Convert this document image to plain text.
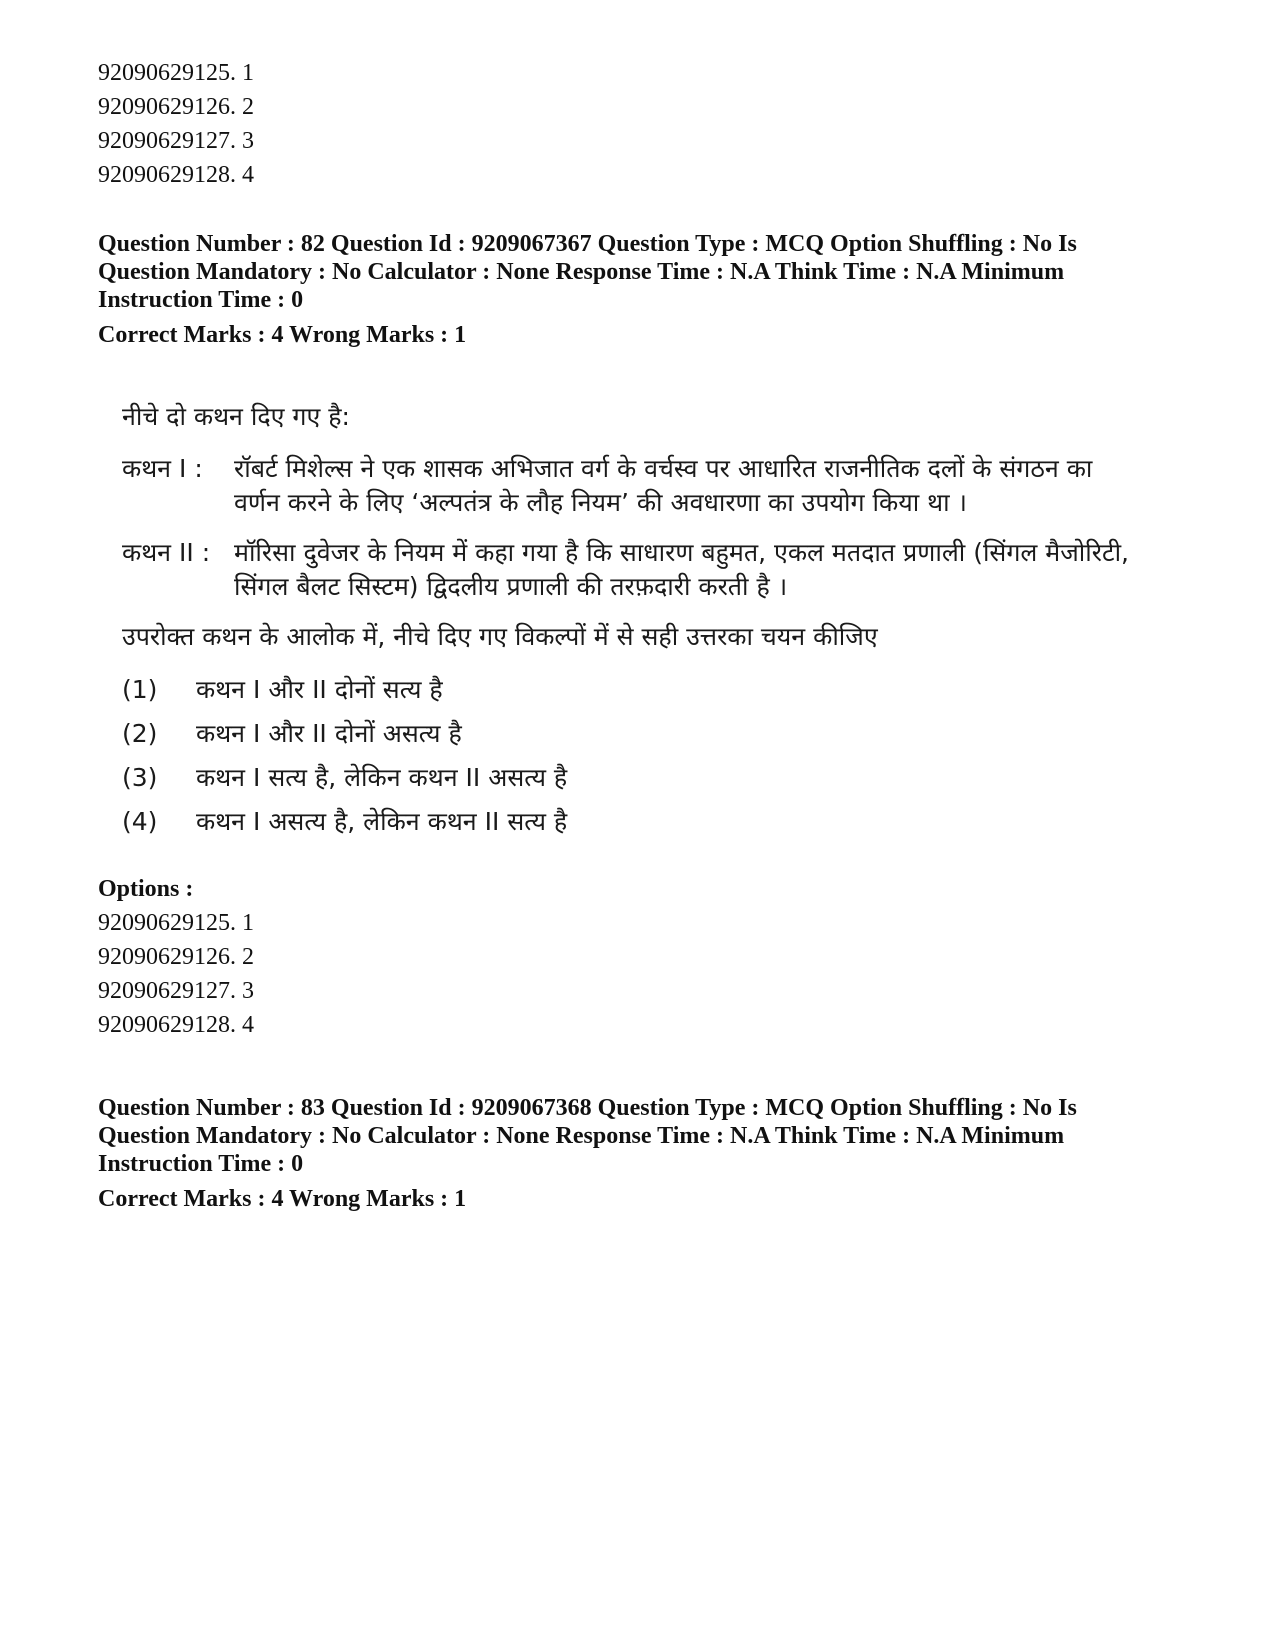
92090629125. 1
92090629126. 2
92090629127. 3
92090629128. 4
Question Number : 82 Question Id : 9209067367 Question Type : MCQ Option Shuffling : No Is Question Mandatory : No Calculator : None Response Time : N.A Think Time : N.A Minimum Instruction Time : 0
Correct Marks : 4 Wrong Marks : 1
नीचे दो कथन दिए गए है:
कथन I :	रॉबर्ट मिशेल्स ने एक शासक अभिजात वर्ग के वर्चस्व पर आधारित राजनीतिक दलों के संगठन का वर्णन करने के लिए ‘अल्पतंत्र के लौह नियम’ की अवधारणा का उपयोग किया था ।
कथन II : मॉरिसा दुवेजर के नियम में कहा गया है कि साधारण बहुमत, एकल मतदात प्रणाली (सिंगल मैजोरिटी, सिंगल बैलट सिस्टम) द्विदलीय प्रणाली की तरफ़दारी करती है ।
उपरोक्त कथन के आलोक में, नीचे दिए गए विकल्पों में से सही उत्तरका चयन कीजिए
(1)	कथन I और II दोनों सत्य है
(2)	कथन I और II दोनों असत्य है
(3)	कथन I सत्य है, लेकिन कथन II असत्य है
(4)	कथन I असत्य है, लेकिन कथन II सत्य है
Options :
92090629125. 1
92090629126. 2
92090629127. 3
92090629128. 4
Question Number : 83 Question Id : 9209067368 Question Type : MCQ Option Shuffling : No Is Question Mandatory : No Calculator : None Response Time : N.A Think Time : N.A Minimum Instruction Time : 0
Correct Marks : 4 Wrong Marks : 1
